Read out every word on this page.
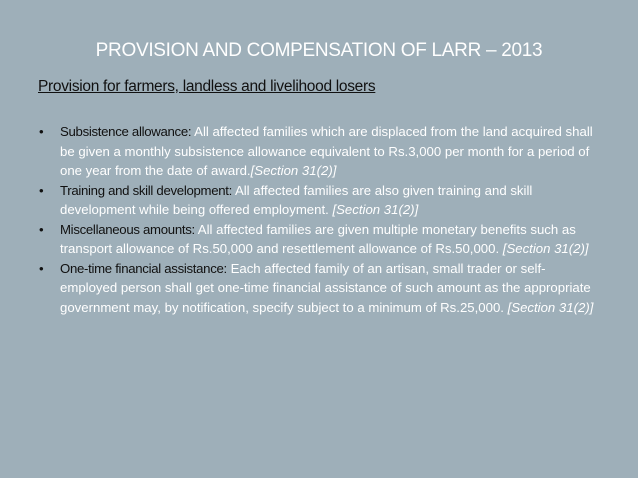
PROVISION AND COMPENSATION OF LARR – 2013
Provision for farmers, landless and livelihood losers
• Subsistence allowance: All affected families which are displaced from the land acquired shall be given a monthly subsistence allowance equivalent to Rs.3,000 per month for a period of one year from the date of award.[Section 31(2)]
• Training and skill development: All affected families are also given training and skill development while being offered employment. [Section 31(2)]
• Miscellaneous amounts: All affected families are given multiple monetary benefits such as transport allowance of Rs.50,000 and resettlement allowance of Rs.50,000. [Section 31(2)]
• One-time financial assistance: Each affected family of an artisan, small trader or self-employed person shall get one-time financial assistance of such amount as the appropriate government may, by notification, specify subject to a minimum of Rs.25,000. [Section 31(2)]
